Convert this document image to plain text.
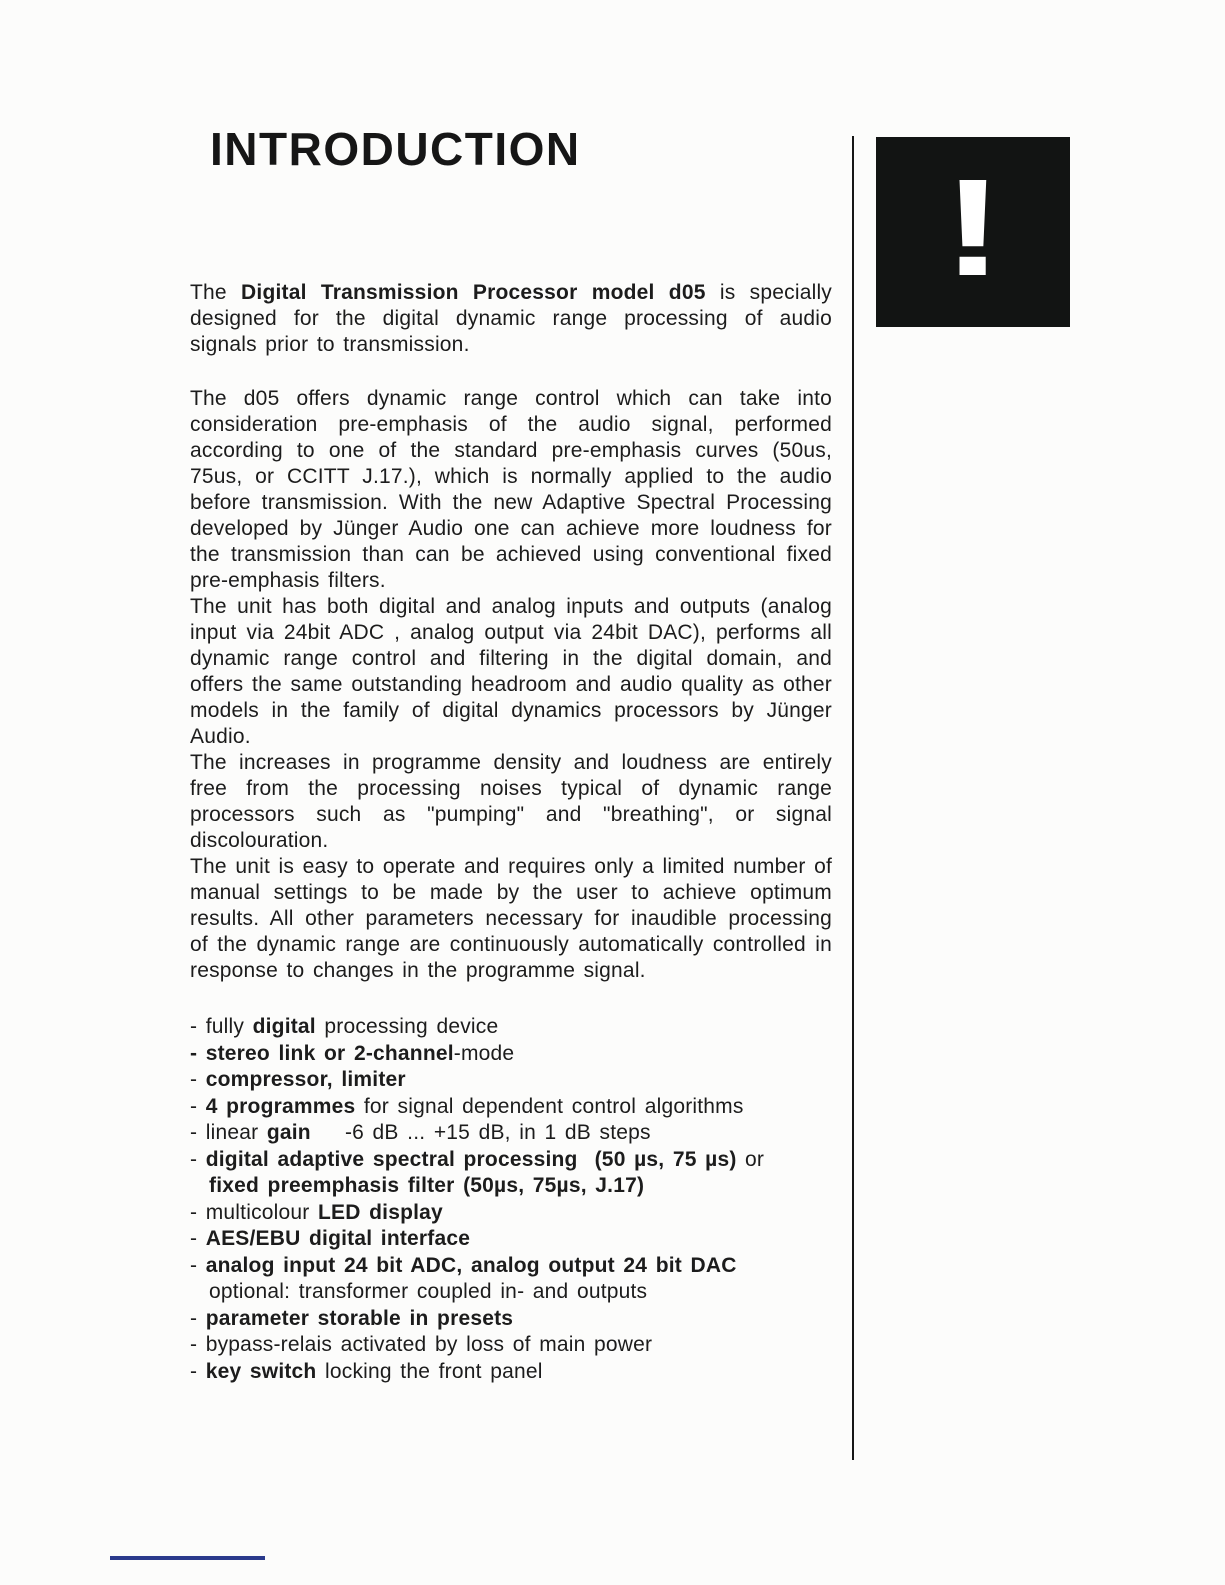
INTRODUCTION
!

The Digital Transmission Processor model d05 is specially designed for the digital dynamic range processing of audio signals prior to transmission.

The d05 offers dynamic range control which can take into consideration pre-emphasis of the audio signal, performed according to one of the standard pre-emphasis curves (50us, 75us, or CCITT J.17.), which is normally applied to the audio before transmission. With the new Adaptive Spectral Processing developed by Jünger Audio one can achieve more loudness for the transmission than can be achieved using conventional fixed pre-emphasis filters.

The unit has both digital and analog inputs and outputs (analog input via 24bit ADC , analog output via 24bit DAC), performs all dynamic range control and filtering in the digital domain, and offers the same outstanding headroom and audio quality as other models in the family of digital dynamics processors by Jünger Audio.

The increases in programme density and loudness are entirely free from the processing noises typical of dynamic range processors such as "pumping" and "breathing", or signal discolouration.

The unit is easy to operate and requires only a limited number of manual settings to be made by the user to achieve optimum results. All other parameters necessary for inaudible processing of the dynamic range are continuously automatically controlled in response to changes in the programme signal.

- fully digital processing device
- stereo link or 2-channel-mode
- compressor, limiter
- 4 programmes for signal dependent control algorithms
- linear gain    -6 dB ... +15 dB, in 1 dB steps
- digital adaptive spectral processing  (50 µs, 75 µs) or
fixed preemphasis filter (50µs, 75µs, J.17)
- multicolour LED display
- AES/EBU digital interface
- analog input 24 bit ADC, analog output 24 bit DAC
optional: transformer coupled in- and outputs
- parameter storable in presets
- bypass-relais activated by loss of main power
- key switch locking the front panel
